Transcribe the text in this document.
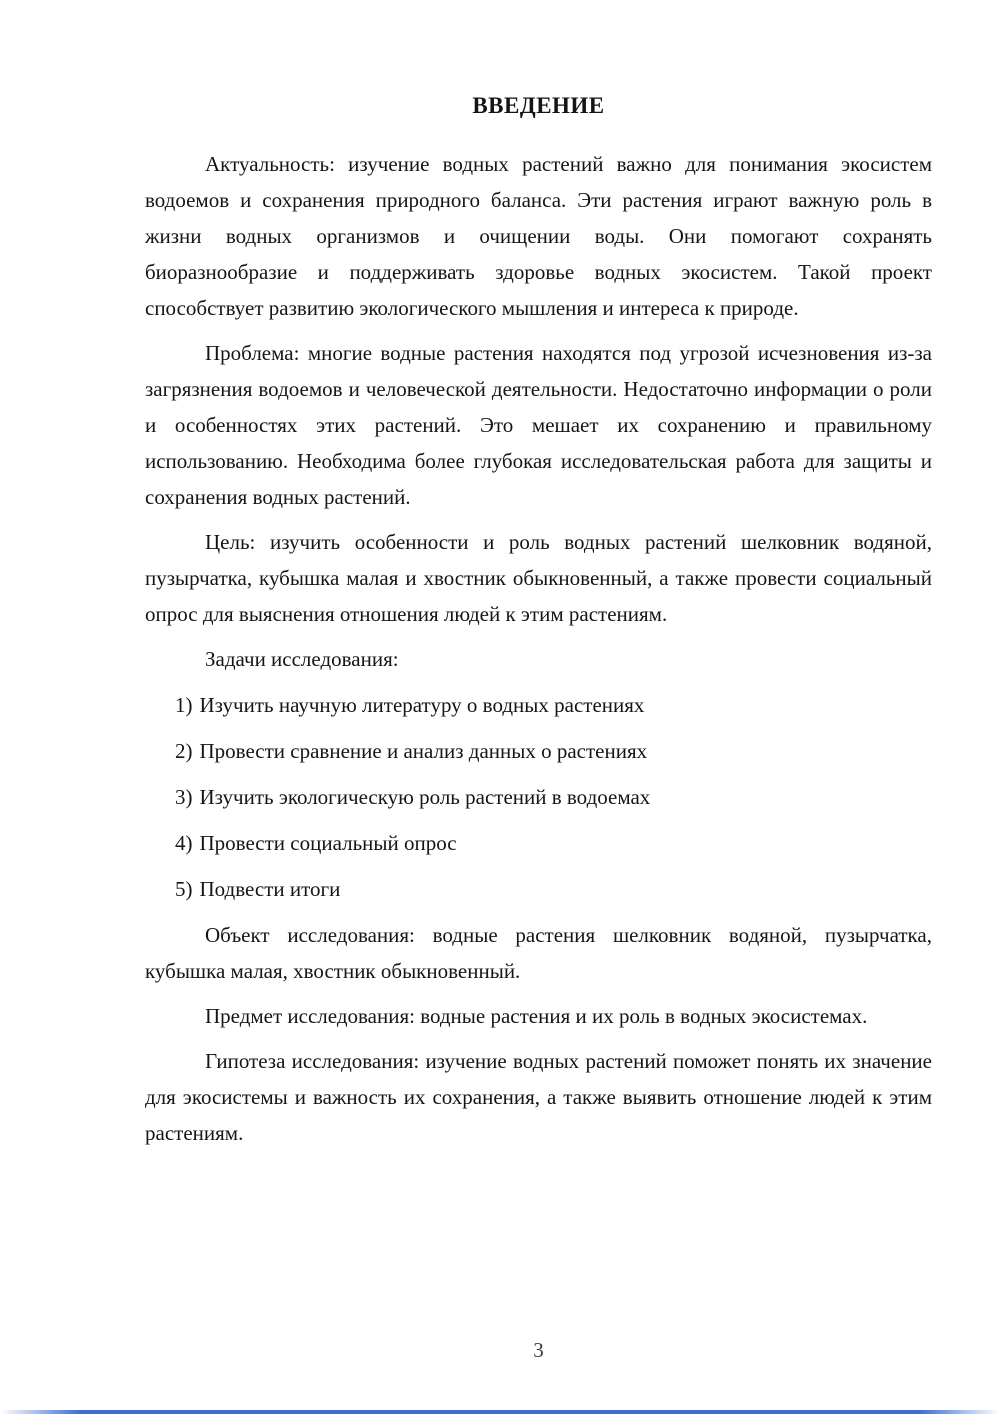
ВВЕДЕНИЕ

Актуальность: изучение водных растений важно для понимания экосистем водоемов и сохранения природного баланса. Эти растения играют важную роль в жизни водных организмов и очищении воды. Они помогают сохранять биоразнообразие и поддерживать здоровье водных экосистем. Такой проект способствует развитию экологического мышления и интереса к природе.

Проблема: многие водные растения находятся под угрозой исчезновения из-за загрязнения водоемов и человеческой деятельности. Недостаточно информации о роли и особенностях этих растений. Это мешает их сохранению и правильному использованию. Необходима более глубокая исследовательская работа для защиты и сохранения водных растений.

Цель: изучить особенности и роль водных растений шелковник водяной, пузырчатка, кубышка малая и хвостник обыкновенный, а также провести социальный опрос для выяснения отношения людей к этим растениям.

Задачи исследования:

1) Изучить научную литературу о водных растениях
2) Провести сравнение и анализ данных о растениях
3) Изучить экологическую роль растений в водоемах
4) Провести социальный опрос
5) Подвести итоги

Объект исследования: водные растения шелковник водяной, пузырчатка, кубышка малая, хвостник обыкновенный.

Предмет исследования: водные растения и их роль в водных экосистемах.

Гипотеза исследования: изучение водных растений поможет понять их значение для экосистемы и важность их сохранения, а также выявить отношение людей к этим растениям.

3
